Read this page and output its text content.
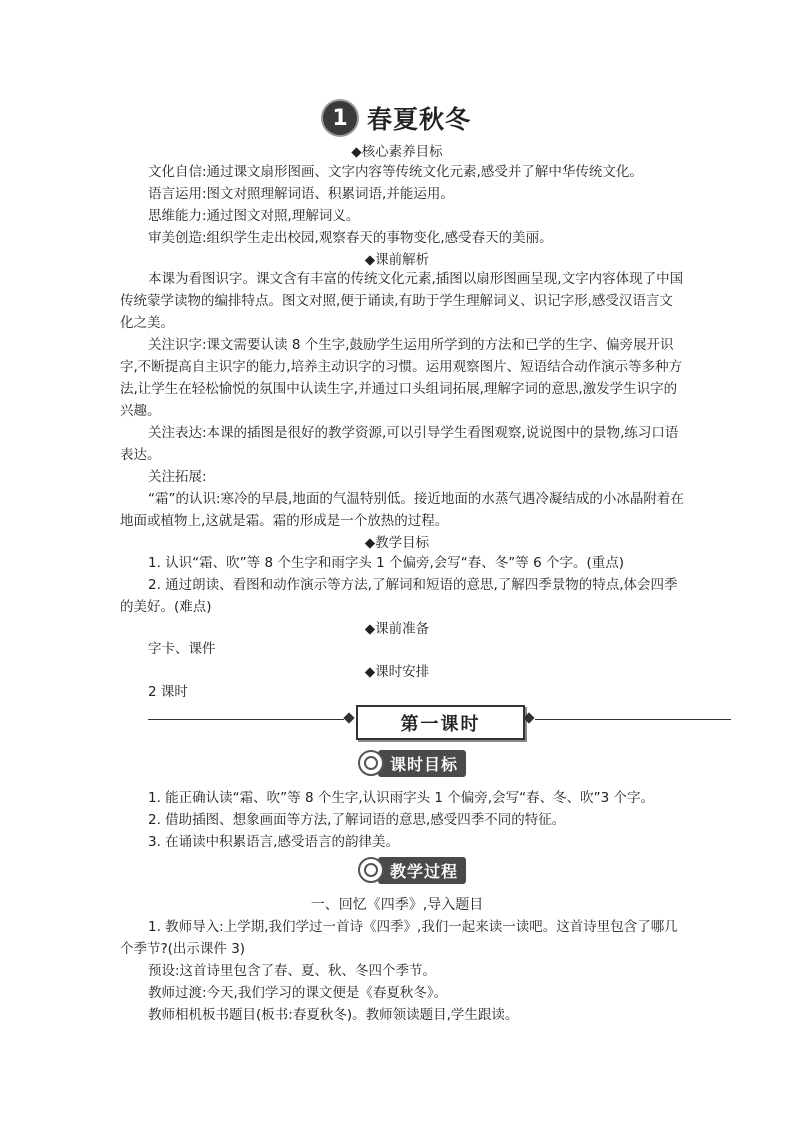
1 春夏秋冬
◆核心素养目标
文化自信:通过课文扇形图画、文字内容等传统文化元素,感受并了解中华传统文化。
语言运用:图文对照理解词语、积累词语,并能运用。
思维能力:通过图文对照,理解词义。
审美创造:组织学生走出校园,观察春天的事物变化,感受春天的美丽。
◆课前解析
本课为看图识字。课文含有丰富的传统文化元素,插图以扇形图画呈现,文字内容体现了中国传统蒙学读物的编排特点。图文对照,便于诵读,有助于学生理解词义、识记字形,感受汉语言文化之美。
关注识字:课文需要认读 8 个生字,鼓励学生运用所学到的方法和已学的生字、偏旁展开识字,不断提高自主识字的能力,培养主动识字的习惯。运用观察图片、短语结合动作演示等多种方法,让学生在轻松愉悦的氛围中认读生字,并通过口头组词拓展,理解字词的意思,激发学生识字的兴趣。
关注表达:本课的插图是很好的教学资源,可以引导学生看图观察,说说图中的景物,练习口语表达。
关注拓展:
“霜”的认识:寒冷的早晨,地面的气温特别低。接近地面的水蒸气遇冷凝结成的小冰晶附着在地面或植物上,这就是霜。霜的形成是一个放热的过程。
◆教学目标
1. 认识“霜、吹”等 8 个生字和雨字头 1 个偏旁,会写“春、冬”等 6 个字。(重点)
2. 通过朗读、看图和动作演示等方法,了解词和短语的意思,了解四季景物的特点,体会四季的美好。(难点)
◆课前准备
字卡、课件
◆课时安排
2 课时
第一课时
课时目标
1. 能正确认读“霜、吹”等 8 个生字,认识雨字头 1 个偏旁,会写“春、冬、吹”3 个字。
2. 借助插图、想象画面等方法,了解词语的意思,感受四季不同的特征。
3. 在诵读中积累语言,感受语言的韵律美。
教学过程
一、回忆《四季》,导入题目
1. 教师导入:上学期,我们学过一首诗《四季》,我们一起来读一读吧。这首诗里包含了哪几个季节?(出示课件 3)
预设:这首诗里包含了春、夏、秋、冬四个季节。
教师过渡:今天,我们学习的课文便是《春夏秋冬》。
教师相机板书题目(板书:春夏秋冬)。教师领读题目,学生跟读。
